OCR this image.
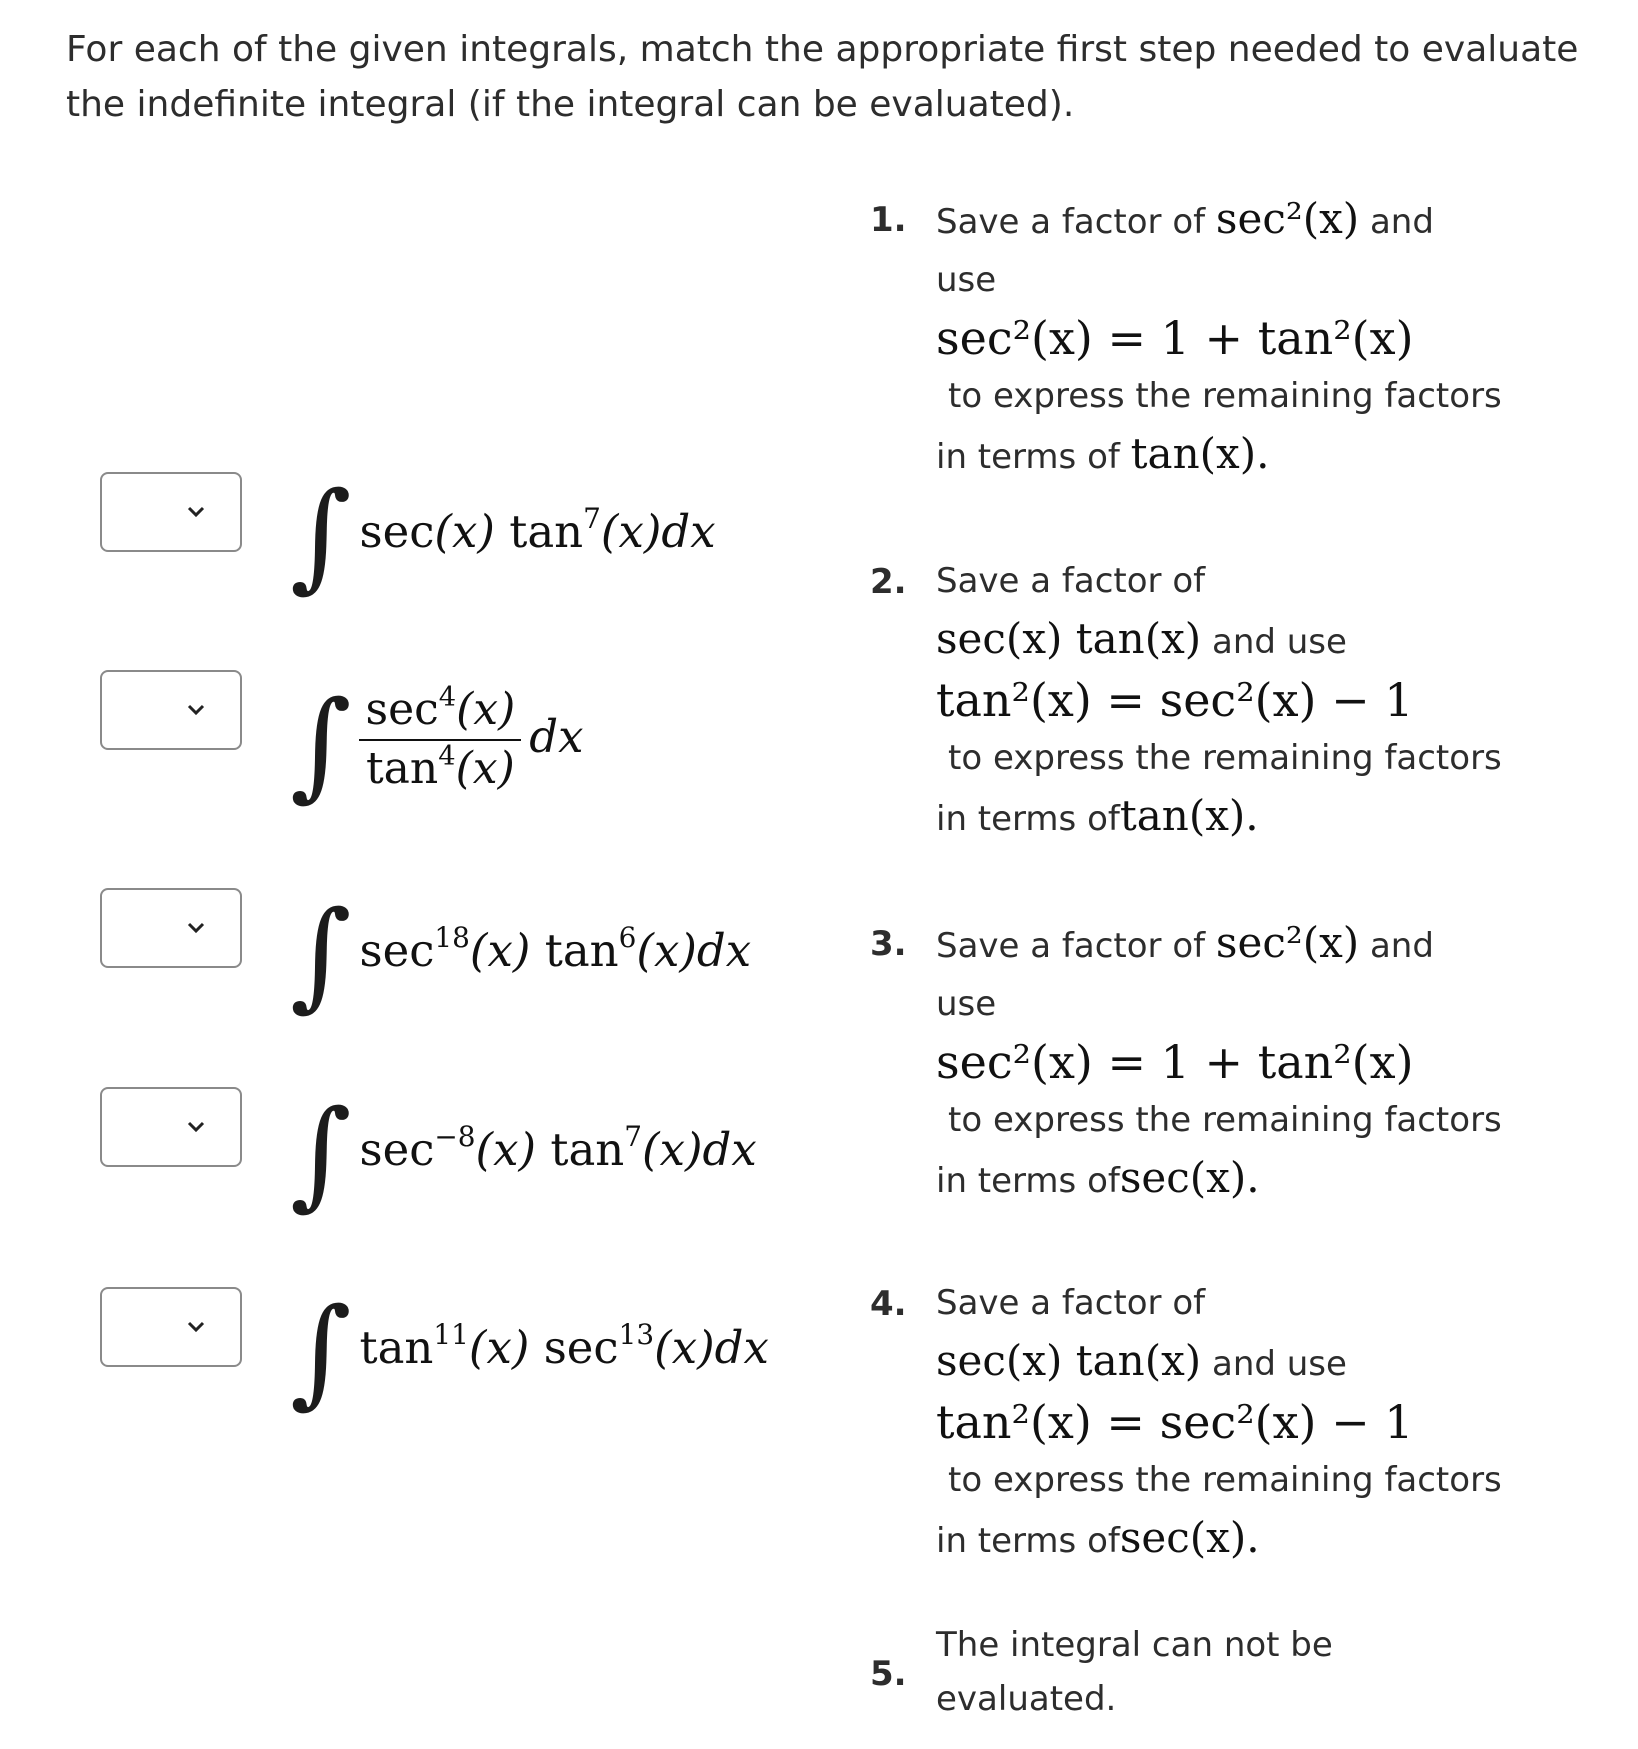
For each of the given integrals, match the appropriate first step needed to evaluate the indefinite integral (if the integral can be evaluated).
∫ sec(x) $\tan^7(x)dx$
∫ $\frac{\sec^4(x)}{\tan^4(x)}$ dx
∫ $\sec^{18}(x)$ $\tan^6(x)dx$
∫ $\sec^{-8}(x)$ $\tan^7(x)dx$
∫ $\tan^{11}(x)$ $\sec^{13}(x)dx$
1. Save a factor of sec²(x) and
use
sec²(x) = 1 + tan²(x)
to express the remaining factors
in terms of tan(x).
2. Save a factor of
sec(x) tan(x) and use
tan²(x) = sec²(x) − 1
to express the remaining factors
in terms oftan(x).
3. Save a factor of sec²(x) and
use
sec²(x) = 1 + tan²(x)
to express the remaining factors
in terms ofsec(x).
4. Save a factor of
sec(x) tan(x) and use
tan²(x) = sec²(x) − 1
to express the remaining factors
in terms ofsec(x).
5.
The integral can not be
evaluated.
